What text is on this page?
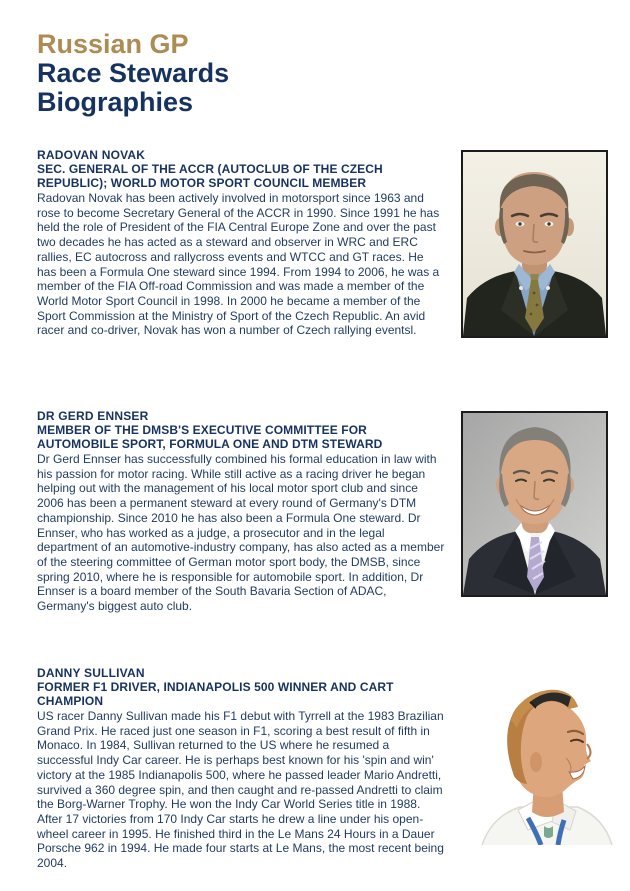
Russian GP
Race Stewards
Biographies
RADOVAN NOVAK
SEC. GENERAL OF THE ACCR (AUTOCLUB OF THE CZECH REPUBLIC); WORLD MOTOR SPORT COUNCIL MEMBER

Radovan Novak has been actively involved in motorsport since 1963 and rose to become Secretary General of the ACCR in 1990. Since 1991 he has held the role of President of the FIA Central Europe Zone and over the past two decades he has acted as a steward and observer in WRC and ERC rallies, EC autocross and rallycross events and WTCC and GT races. He has been a Formula One steward since 1994. From 1994 to 2006, he was a member of the FIA Off-road Commission and was made a member of the World Motor Sport Council in 1998. In 2000 he became a member of the Sport Commission at the Ministry of Sport of the Czech Republic. An avid racer and co-driver, Novak has won a number of Czech rallying eventsl.

DR GERD ENNSER
MEMBER OF THE DMSB'S EXECUTIVE COMMITTEE FOR AUTOMOBILE SPORT, FORMULA ONE AND DTM STEWARD

Dr Gerd Ennser has successfully combined his formal education in law with his passion for motor racing. While still active as a racing driver he began helping out with the management of his local motor sport club and since 2006 has been a permanent steward at every round of Germany's DTM championship. Since 2010 he has also been a Formula One steward. Dr Ennser, who has worked as a judge, a prosecutor and in the legal department of an automotive-industry company, has also acted as a member of the steering committee of German motor sport body, the DMSB, since spring 2010, where he is responsible for automobile sport. In addition, Dr Ennser is a board member of the South Bavaria Section of ADAC, Germany's biggest auto club.

DANNY SULLIVAN
FORMER F1 DRIVER, INDIANAPOLIS 500 WINNER AND CART CHAMPION

US racer Danny Sullivan made his F1 debut with Tyrrell at the 1983 Brazilian Grand Prix. He raced just one season in F1, scoring a best result of fifth in Monaco. In 1984, Sullivan returned to the US where he resumed a successful Indy Car career. He is perhaps best known for his 'spin and win' victory at the 1985 Indianapolis 500, where he passed leader Mario Andretti, survived a 360 degree spin, and then caught and re-passed Andretti to claim the Borg-Warner Trophy. He won the Indy Car World Series title in 1988. After 17 victories from 170 Indy Car starts he drew a line under his open-wheel career in 1995. He finished third in the Le Mans 24 Hours in a Dauer Porsche 962 in 1994. He made four starts at Le Mans, the most recent being 2004.
